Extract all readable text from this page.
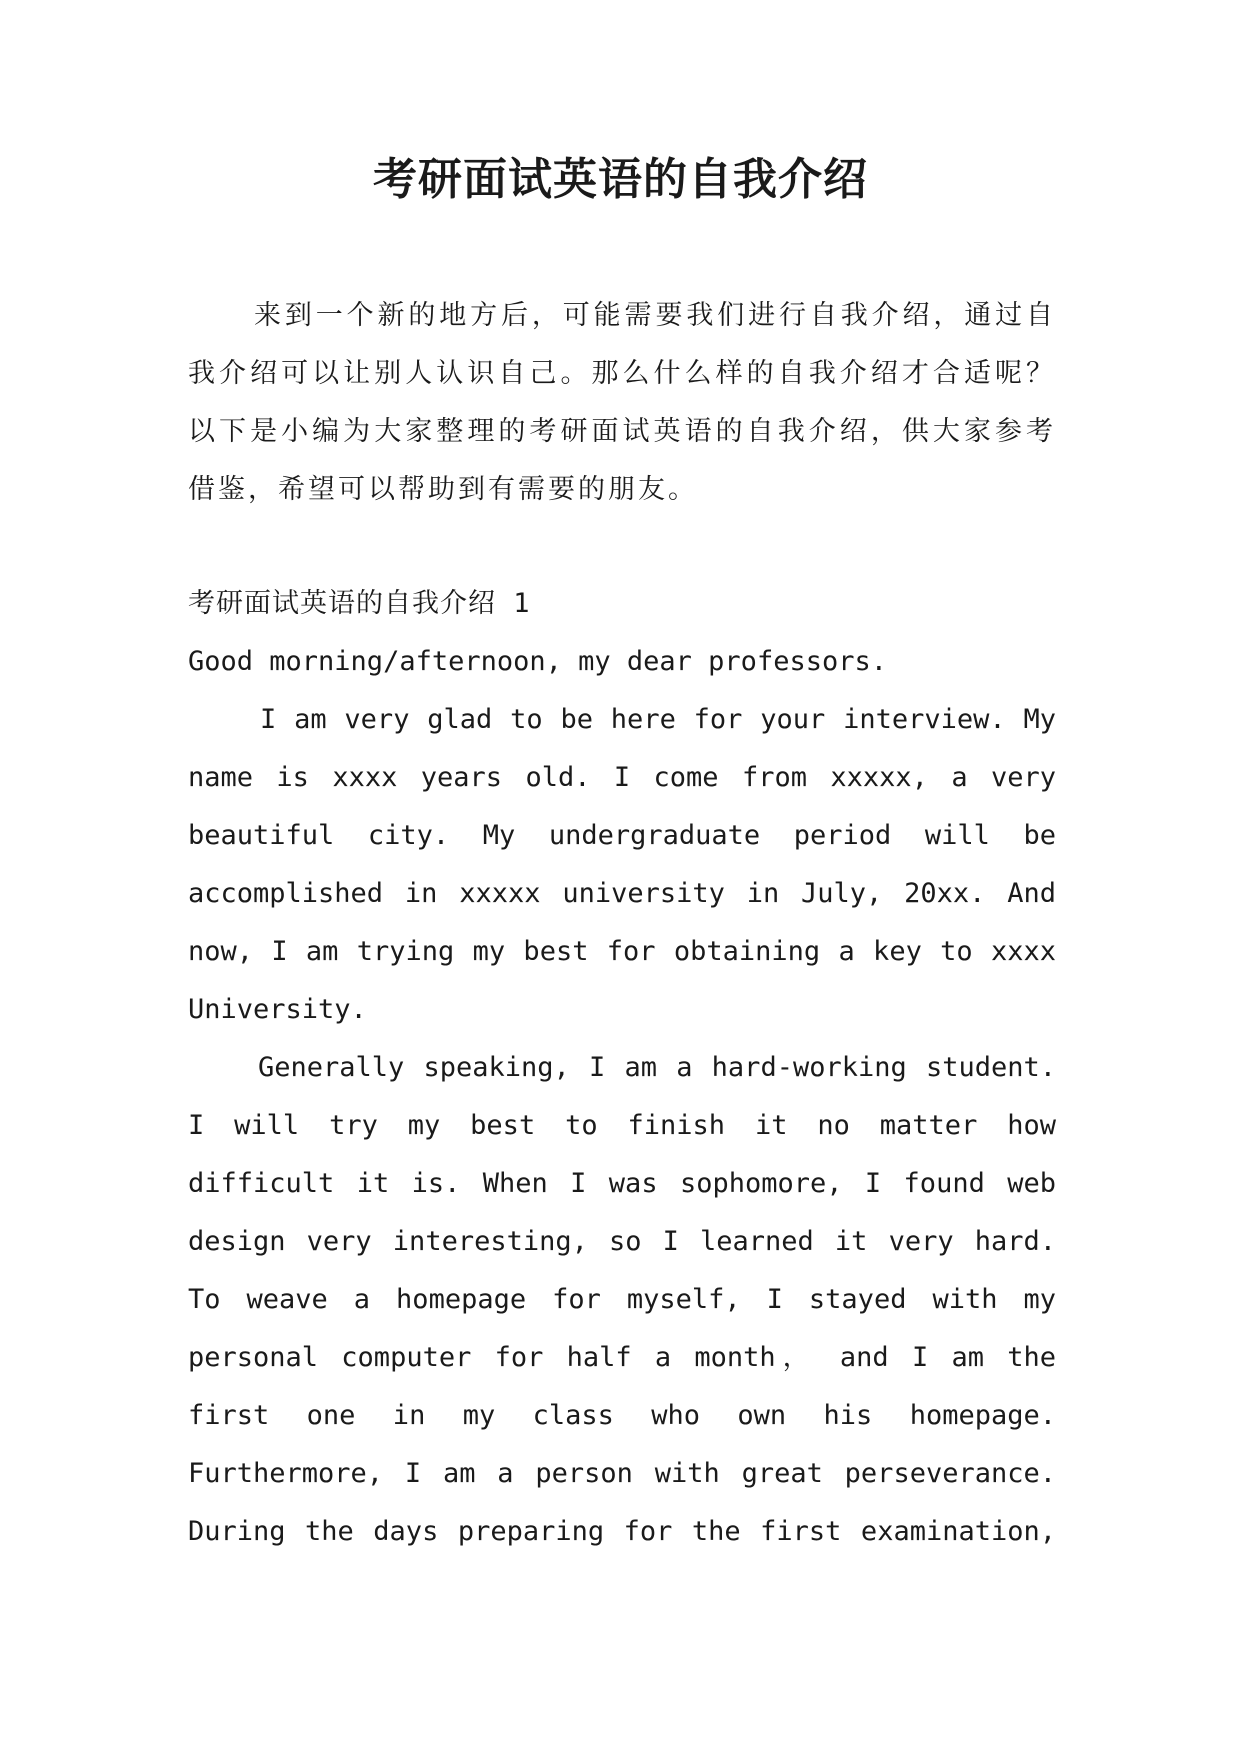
考研面试英语的自我介绍

来到一个新的地方后，可能需要我们进行自我介绍，通过自我介绍可以让别人认识自己。那么什么样的自我介绍才合适呢？以下是小编为大家整理的考研面试英语的自我介绍，供大家参考借鉴，希望可以帮助到有需要的朋友。

考研面试英语的自我介绍 1
Good morning/afternoon, my dear professors.

I am very glad to be here for your interview. My name is xxxx years old. I come from xxxxx, a very beautiful city. My undergraduate period will be accomplished in xxxxx university in July, 20xx. And now, I am trying my best for obtaining a key to xxxx University.

Generally speaking, I am a hard-working student. I will try my best to finish it no matter how difficult it is. When I was sophomore, I found web design very interesting, so I learned it very hard. To weave a homepage for myself, I stayed with my personal computer for half a month， and I am the first one in my class who own his homepage. Furthermore, I am a person with great perseverance. During the days preparing for the first examination,
